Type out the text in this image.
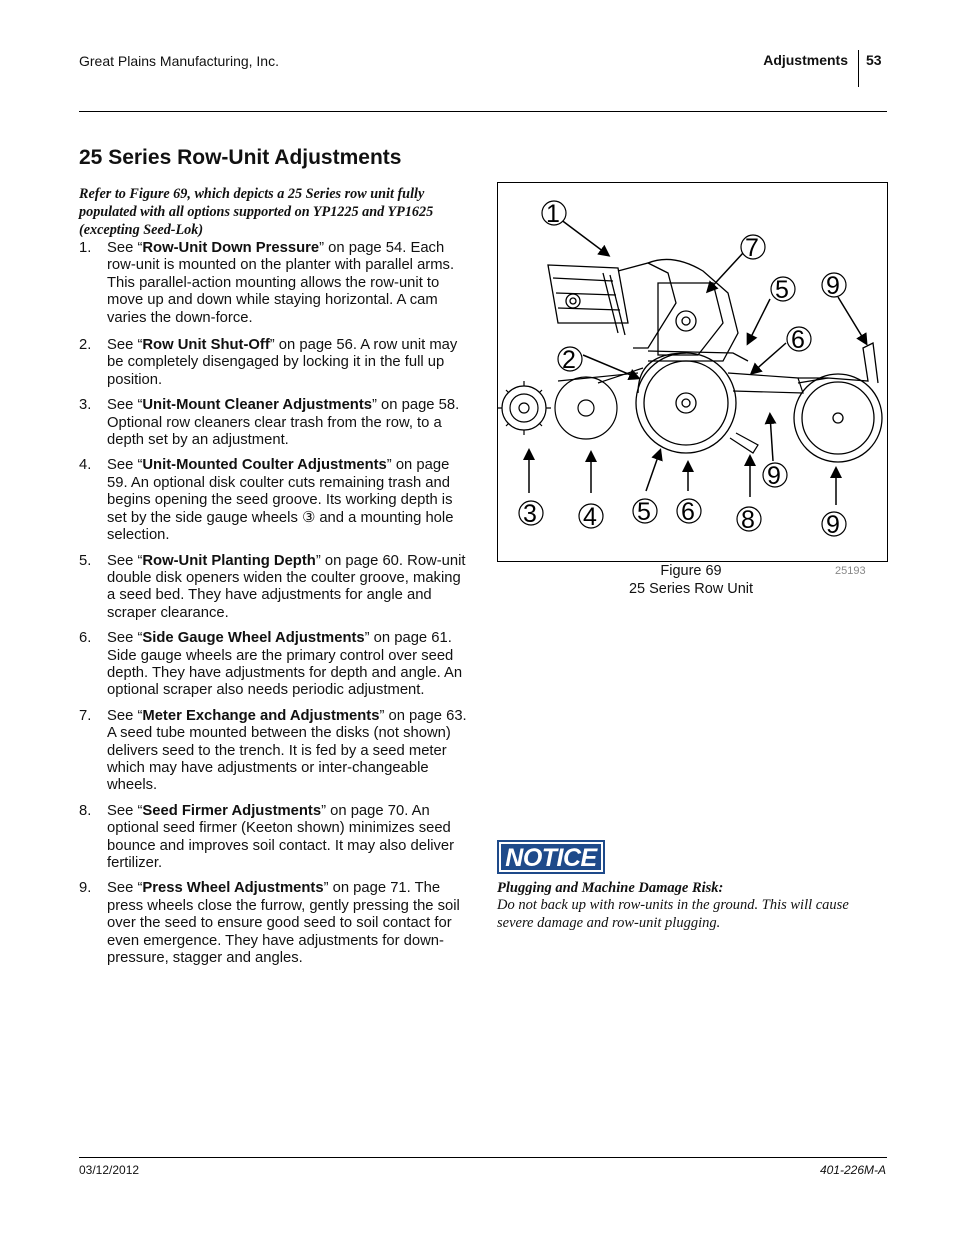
Great Plains Manufacturing, Inc.	Adjustments 53
25 Series Row-Unit Adjustments
Refer to Figure 69, which depicts a 25 Series row unit fully populated with all options supported on YP1225 and YP1625 (excepting Seed-Lok)
1. See “Row-Unit Down Pressure” on page 54. Each row-unit is mounted on the planter with parallel arms. This parallel-action mounting allows the row-unit to move up and down while staying horizontal. A cam varies the down-force.
2. See “Row Unit Shut-Off” on page 56. A row unit may be completely disengaged by locking it in the full up position.
3. See “Unit-Mount Cleaner Adjustments” on page 58. Optional row cleaners clear trash from the row, to a depth set by an adjustment.
4. See “Unit-Mounted Coulter Adjustments” on page 59. An optional disk coulter cuts remaining trash and begins opening the seed groove. Its working depth is set by the side gauge wheels ③ and a mounting hole selection.
5. See “Row-Unit Planting Depth” on page 60. Row-unit double disk openers widen the coulter groove, making a seed bed. They have adjustments for angle and scraper clearance.
6. See “Side Gauge Wheel Adjustments” on page 61. Side gauge wheels are the primary control over seed depth. They have adjustments for depth and angle. An optional scraper also needs periodic adjustment.
7. See “Meter Exchange and Adjustments” on page 63. A seed tube mounted between the disks (not shown) delivers seed to the trench. It is fed by a seed meter which may have adjustments or inter-changeable wheels.
8. See “Seed Firmer Adjustments” on page 70. An optional seed firmer (Keeton shown) minimizes seed bounce and improves soil contact. It may also deliver fertilizer.
9. See “Press Wheel Adjustments” on page 71. The press wheels close the furrow, gently pressing the soil over the seed to ensure good seed to soil contact for even emergence. They have adjustments for down-pressure, stagger and angles.
1
2
3 4 5
5
6
6
7
8
9
9
9
Figure 69
25 Series Row Unit
25193
NOTICE
Plugging and Machine Damage Risk:
Do not back up with row-units in the ground. This will cause severe damage and row-unit plugging.
03/12/2012	401-226M-A
